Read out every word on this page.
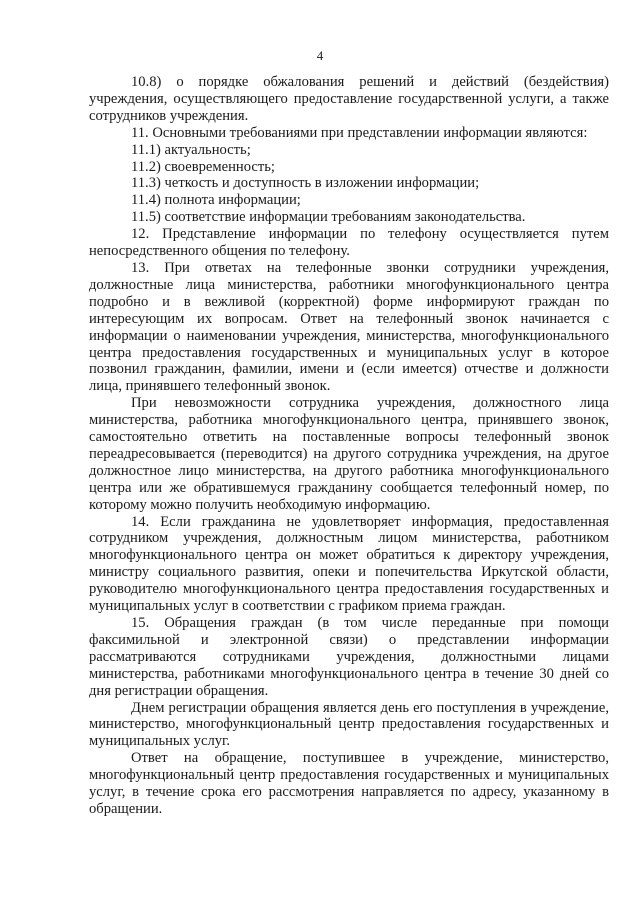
4

10.8) о порядке обжалования решений и действий (бездействия) учреждения, осуществляющего предоставление государственной услуги, а также сотрудников учреждения.

11. Основными требованиями при представлении информации являются:

11.1) актуальность;

11.2) своевременность;

11.3) четкость и доступность в изложении информации;

11.4) полнота информации;

11.5) соответствие информации требованиям законодательства.

12. Представление информации по телефону осуществляется путем непосредственного общения по телефону.

13. При ответах на телефонные звонки сотрудники учреждения, должностные лица министерства, работники многофункционального центра подробно и в вежливой (корректной) форме информируют граждан по интересующим их вопросам. Ответ на телефонный звонок начинается с информации о наименовании учреждения, министерства, многофункционального центра предоставления государственных и муниципальных услуг в которое позвонил гражданин, фамилии, имени и (если имеется) отчестве и должности лица, принявшего телефонный звонок.

При невозможности сотрудника учреждения, должностного лица министерства, работника многофункционального центра, принявшего звонок, самостоятельно ответить на поставленные вопросы телефонный звонок переадресовывается (переводится) на другого сотрудника учреждения, на другое должностное лицо министерства, на другого работника многофункционального центра или же обратившемуся гражданину сообщается телефонный номер, по которому можно получить необходимую информацию.

14. Если гражданина не удовлетворяет информация, предоставленная сотрудником учреждения, должностным лицом министерства, работником многофункционального центра он может обратиться к директору учреждения, министру социального развития, опеки и попечительства Иркутской области, руководителю многофункционального центра предоставления государственных и муниципальных услуг в соответствии с графиком приема граждан.

15. Обращения граждан (в том числе переданные при помощи факсимильной и электронной связи) о представлении информации рассматриваются сотрудниками учреждения, должностными лицами министерства, работниками многофункционального центра в течение 30 дней со дня регистрации обращения.

Днем регистрации обращения является день его поступления в учреждение, министерство, многофункциональный центр предоставления государственных и муниципальных услуг.

Ответ на обращение, поступившее в учреждение, министерство, многофункциональный центр предоставления государственных и муниципальных услуг, в течение срока его рассмотрения направляется по адресу, указанному в обращении.
